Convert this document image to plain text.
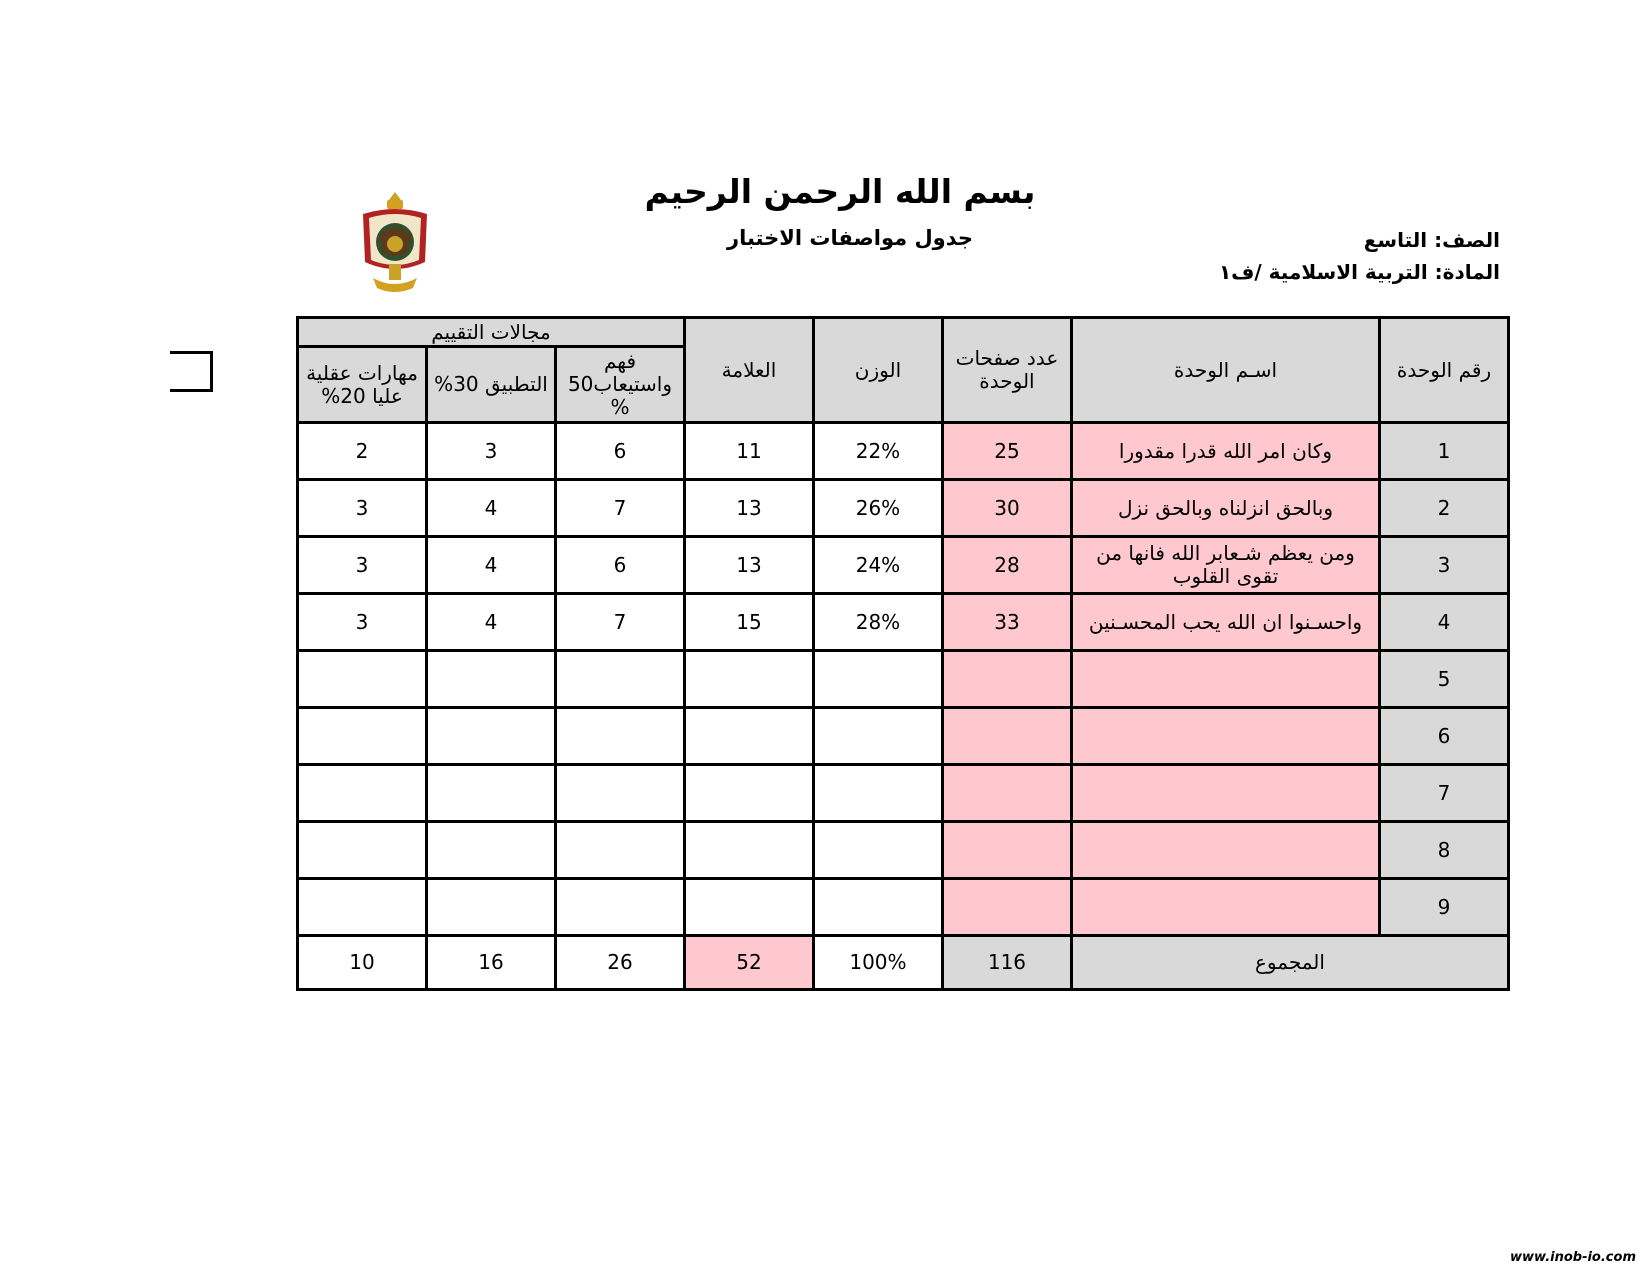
بسم الله الرحمن الرحيم
جدول مواصفات الاختبار	الصف: التاسع
المادة: التربية الاسلامية /ف١
رقم الوحدة	اسـم الوحدة	عدد صفحات الوحدة	الوزن	العلامة	مجالات التقييم		
					فهم واستيعاب50 %	التطبيق 30%	مهارات عقلية عليا 20%
1	وكان امر الله قدرا مقدورا	25	22%	11	6	3	2
2	وبالحق انزلناه وبالحق نزل	30	26%	13	7	4	3
3	ومن يعظم شـعابر الله فانها من تقوى القلوب	28	24%	13	6	4	3
4	واحسـنوا ان الله يحب المحسـنين	33	28%	15	7	4	3
5							
6							
7							
8							
9							
المجموع		116	100%	52	26	16	10
www.inob-io.com
